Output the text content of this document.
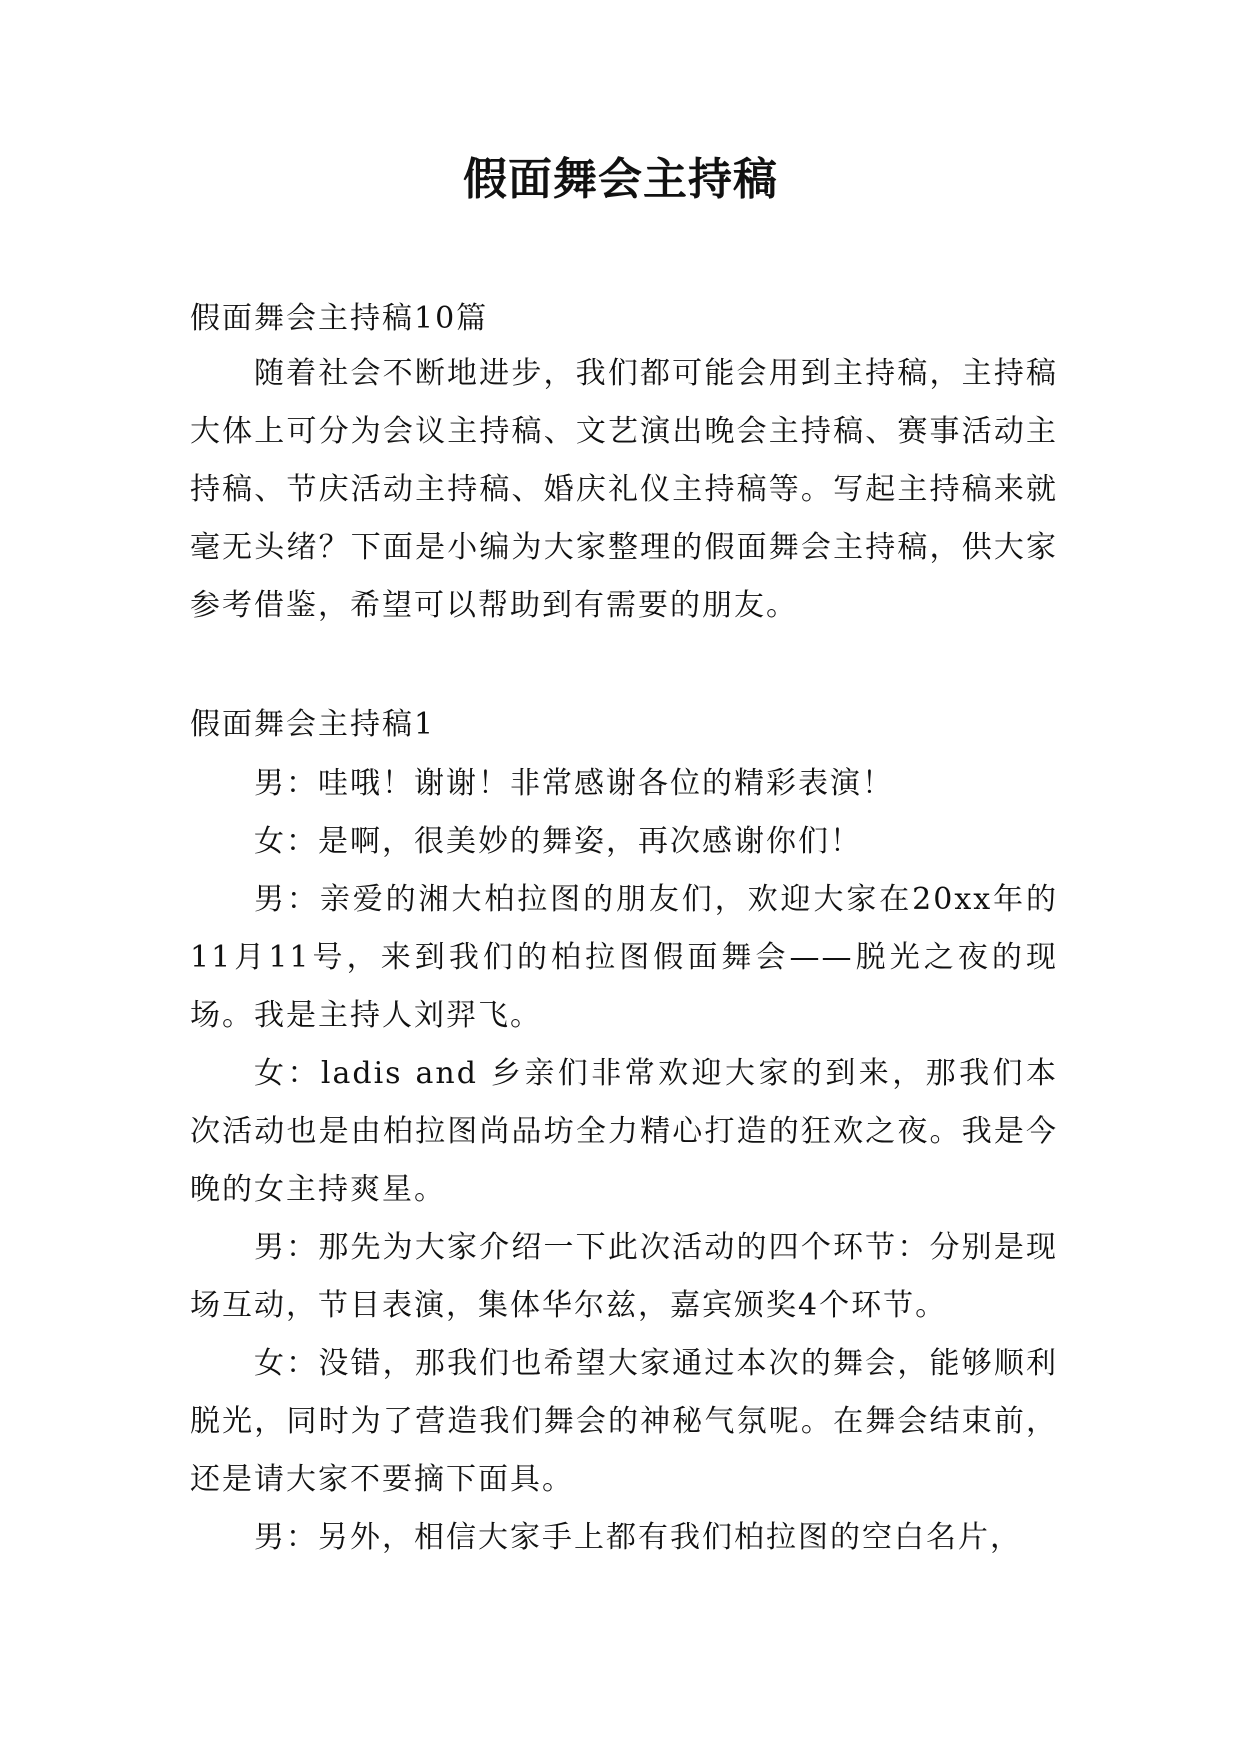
假面舞会主持稿
假面舞会主持稿10篇

随着社会不断地进步，我们都可能会用到主持稿，主持稿大体上可分为会议主持稿、文艺演出晚会主持稿、赛事活动主持稿、节庆活动主持稿、婚庆礼仪主持稿等。写起主持稿来就毫无头绪？下面是小编为大家整理的假面舞会主持稿，供大家参考借鉴，希望可以帮助到有需要的朋友。

假面舞会主持稿1

男：哇哦！谢谢！非常感谢各位的精彩表演！

女：是啊，很美妙的舞姿，再次感谢你们！

男：亲爱的湘大柏拉图的朋友们，欢迎大家在20xx年的11月11号，来到我们的柏拉图假面舞会——脱光之夜的现场。我是主持人刘羿飞。

女：ladis and 乡亲们非常欢迎大家的到来，那我们本次活动也是由柏拉图尚品坊全力精心打造的狂欢之夜。我是今晚的女主持爽星。

男：那先为大家介绍一下此次活动的四个环节：分别是现场互动，节目表演，集体华尔兹，嘉宾颁奖4个环节。

女：没错，那我们也希望大家通过本次的舞会，能够顺利脱光，同时为了营造我们舞会的神秘气氛呢。在舞会结束前，还是请大家不要摘下面具。

男：另外，相信大家手上都有我们柏拉图的空白名片，
